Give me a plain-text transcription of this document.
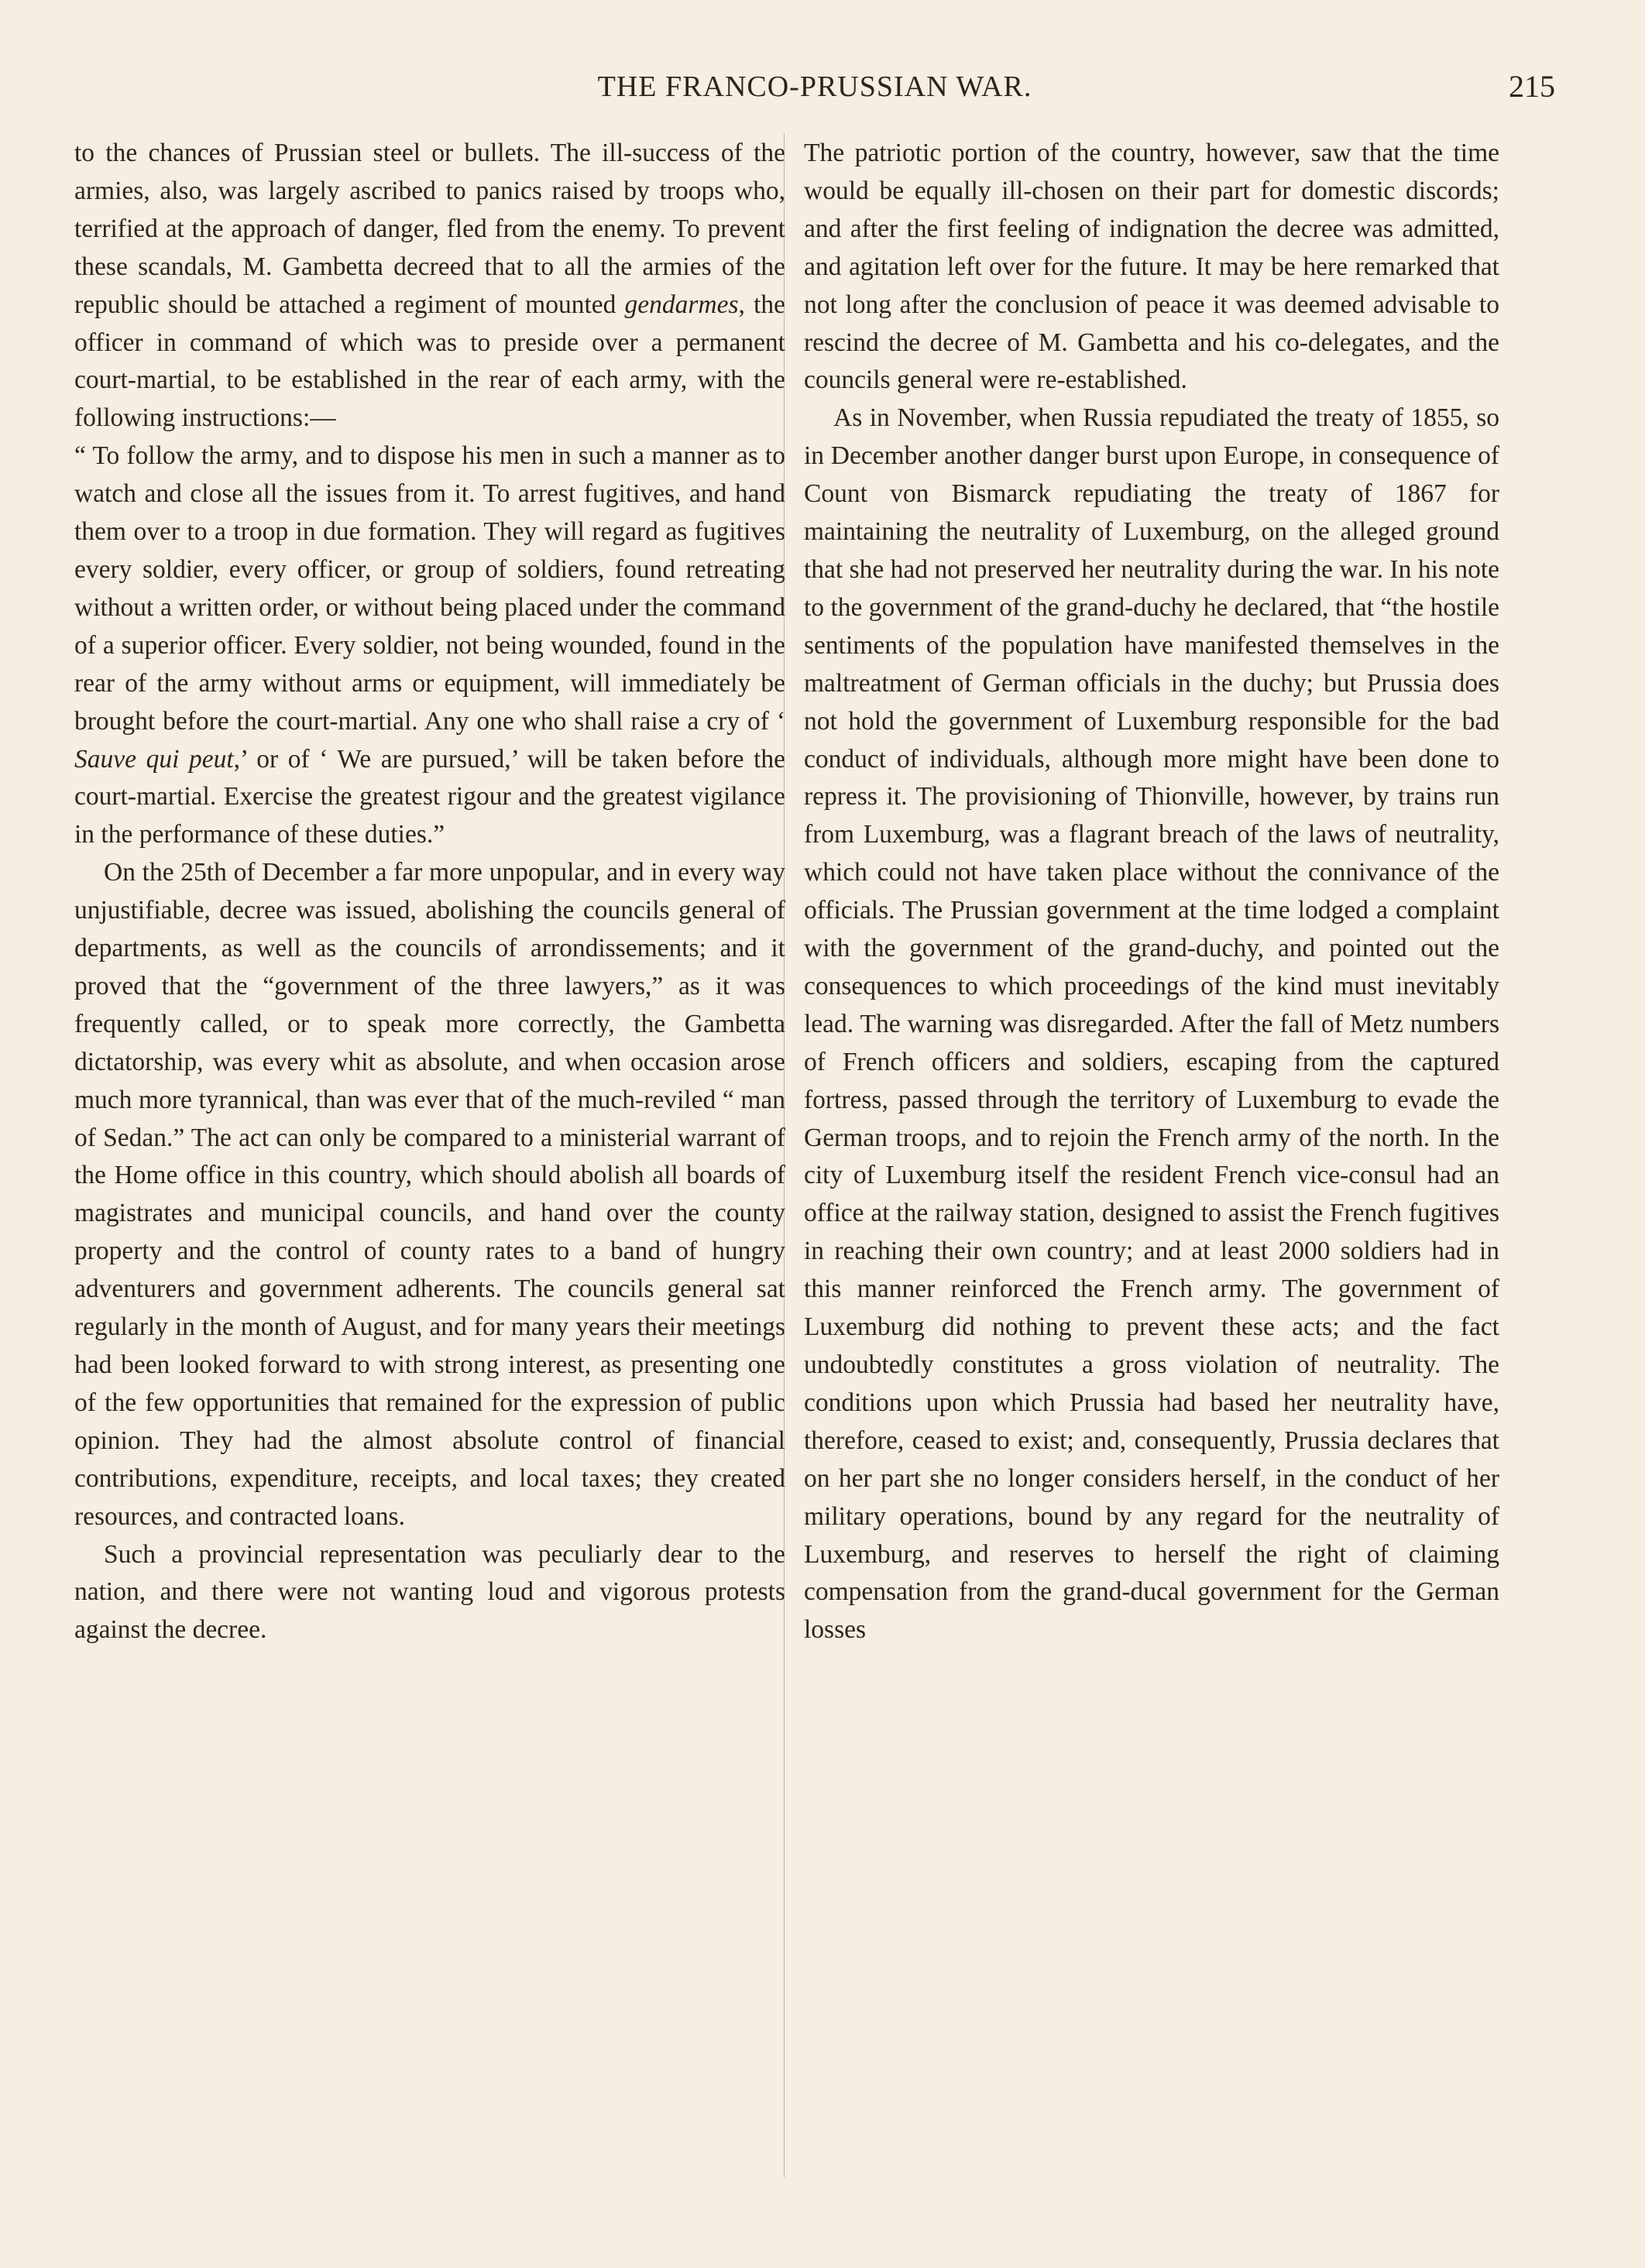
THE FRANCO-PRUSSIAN WAR.	215

to the chances of Prussian steel or bullets. The ill-success of the armies, also, was largely ascribed to panics raised by troops who, terrified at the approach of danger, fled from the enemy. To prevent these scandals, M. Gambetta decreed that to all the armies of the republic should be attached a regiment of mounted gendarmes, the officer in command of which was to preside over a permanent court-martial, to be established in the rear of each army, with the following instructions:—

“ To follow the army, and to dispose his men in such a manner as to watch and close all the issues from it. To arrest fugitives, and hand them over to a troop in due formation. They will regard as fugitives every soldier, every officer, or group of soldiers, found retreating without a written order, or without being placed under the command of a superior officer. Every soldier, not being wounded, found in the rear of the army without arms or equipment, will immediately be brought before the court-martial. Any one who shall raise a cry of ‘ Sauve qui peut,’ or of ‘ We are pursued,’ will be taken before the court-martial. Exercise the greatest rigour and the greatest vigilance in the performance of these duties.”

On the 25th of December a far more unpopular, and in every way unjustifiable, decree was issued, abolishing the councils general of departments, as well as the councils of arrondissements; and it proved that the “government of the three lawyers,” as it was frequently called, or to speak more correctly, the Gambetta dictatorship, was every whit as absolute, and when occasion arose much more tyrannical, than was ever that of the much-reviled “ man of Sedan.” The act can only be compared to a ministerial warrant of the Home office in this country, which should abolish all boards of magistrates and municipal councils, and hand over the county property and the control of county rates to a band of hungry adventurers and government adherents. The councils general sat regularly in the month of August, and for many years their meetings had been looked forward to with strong interest, as presenting one of the few opportunities that remained for the expression of public opinion. They had the almost absolute control of financial contributions, expenditure, receipts, and local taxes; they created resources, and contracted loans.

Such a provincial representation was peculiarly dear to the nation, and there were not wanting loud and vigorous protests against the decree.

The patriotic portion of the country, however, saw that the time would be equally ill-chosen on their part for domestic discords; and after the first feeling of indignation the decree was admitted, and agitation left over for the future. It may be here remarked that not long after the conclusion of peace it was deemed advisable to rescind the decree of M. Gambetta and his co-delegates, and the councils general were re-established.

As in November, when Russia repudiated the treaty of 1855, so in December another danger burst upon Europe, in consequence of Count von Bismarck repudiating the treaty of 1867 for maintaining the neutrality of Luxemburg, on the alleged ground that she had not preserved her neutrality during the war. In his note to the government of the grand-duchy he declared, that “the hostile sentiments of the population have manifested themselves in the maltreatment of German officials in the duchy; but Prussia does not hold the government of Luxemburg responsible for the bad conduct of individuals, although more might have been done to repress it. The provisioning of Thionville, however, by trains run from Luxemburg, was a flagrant breach of the laws of neutrality, which could not have taken place without the connivance of the officials. The Prussian government at the time lodged a complaint with the government of the grand-duchy, and pointed out the consequences to which proceedings of the kind must inevitably lead. The warning was disregarded. After the fall of Metz numbers of French officers and soldiers, escaping from the captured fortress, passed through the territory of Luxemburg to evade the German troops, and to rejoin the French army of the north. In the city of Luxemburg itself the resident French vice-consul had an office at the railway station, designed to assist the French fugitives in reaching their own country; and at least 2000 soldiers had in this manner reinforced the French army. The government of Luxemburg did nothing to prevent these acts; and the fact undoubtedly constitutes a gross violation of neutrality. The conditions upon which Prussia had based her neutrality have, therefore, ceased to exist; and, consequently, Prussia declares that on her part she no longer considers herself, in the conduct of her military operations, bound by any regard for the neutrality of Luxemburg, and reserves to herself the right of claiming compensation from the grand-ducal government for the German losses
